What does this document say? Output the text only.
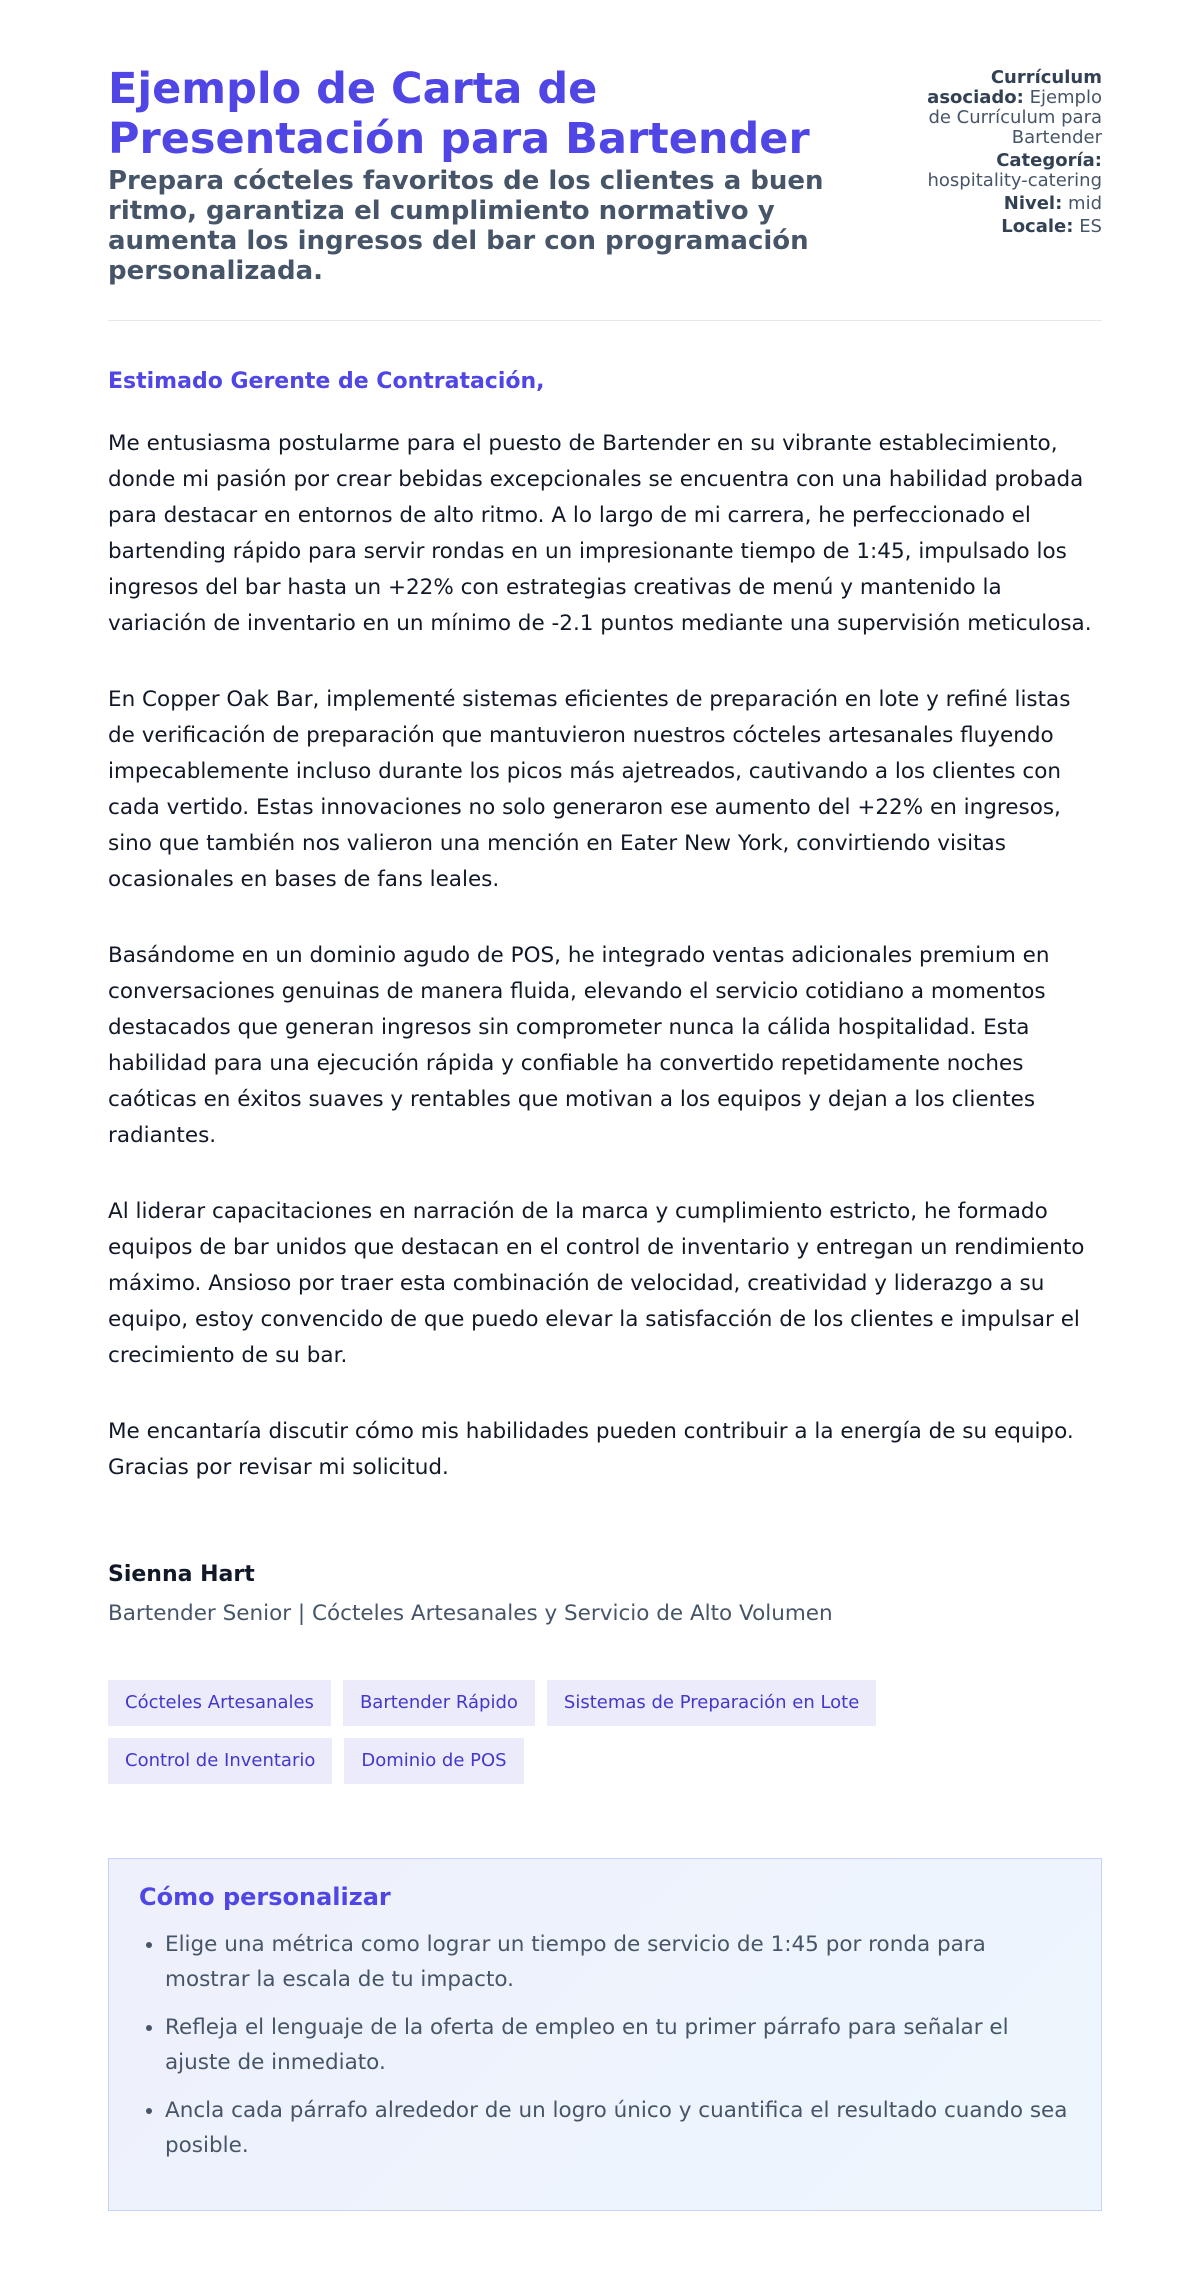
Ejemplo de Carta de Presentación para Bartender
Prepara cócteles favoritos de los clientes a buen ritmo, garantiza el cumplimiento normativo y aumenta los ingresos del bar con programación personalizada.
Currículum asociado: Ejemplo de Currículum para Bartender
Categoría:
hospitality-catering
Nivel: mid
Locale: ES
Estimado Gerente de Contratación,

Me entusiasma postularme para el puesto de Bartender en su vibrante establecimiento, donde mi pasión por crear bebidas excepcionales se encuentra con una habilidad probada para destacar en entornos de alto ritmo. A lo largo de mi carrera, he perfeccionado el bartending rápido para servir rondas en un impresionante tiempo de 1:45, impulsado los ingresos del bar hasta un +22% con estrategias creativas de menú y mantenido la variación de inventario en un mínimo de -2.1 puntos mediante una supervisión meticulosa.

En Copper Oak Bar, implementé sistemas eficientes de preparación en lote y refiné listas de verificación de preparación que mantuvieron nuestros cócteles artesanales fluyendo impecablemente incluso durante los picos más ajetreados, cautivando a los clientes con cada vertido. Estas innovaciones no solo generaron ese aumento del +22% en ingresos, sino que también nos valieron una mención en Eater New York, convirtiendo visitas ocasionales en bases de fans leales.

Basándome en un dominio agudo de POS, he integrado ventas adicionales premium en conversaciones genuinas de manera fluida, elevando el servicio cotidiano a momentos destacados que generan ingresos sin comprometer nunca la cálida hospitalidad. Esta habilidad para una ejecución rápida y confiable ha convertido repetidamente noches caóticas en éxitos suaves y rentables que motivan a los equipos y dejan a los clientes radiantes.

Al liderar capacitaciones en narración de la marca y cumplimiento estricto, he formado equipos de bar unidos que destacan en el control de inventario y entregan un rendimiento máximo. Ansioso por traer esta combinación de velocidad, creatividad y liderazgo a su equipo, estoy convencido de que puedo elevar la satisfacción de los clientes e impulsar el crecimiento de su bar.

Me encantaría discutir cómo mis habilidades pueden contribuir a la energía de su equipo. Gracias por revisar mi solicitud.

Sienna Hart
Bartender Senior | Cócteles Artesanales y Servicio de Alto Volumen
Cócteles Artesanales	Bartender Rápido	Sistemas de Preparación en Lote
Control de Inventario	Dominio de POS
Cómo personalizar
• Elige una métrica como lograr un tiempo de servicio de 1:45 por ronda para mostrar la escala de tu impacto.
• Refleja el lenguaje de la oferta de empleo en tu primer párrafo para señalar el ajuste de inmediato.
• Ancla cada párrafo alrededor de un logro único y cuantifica el resultado cuando sea posible.
